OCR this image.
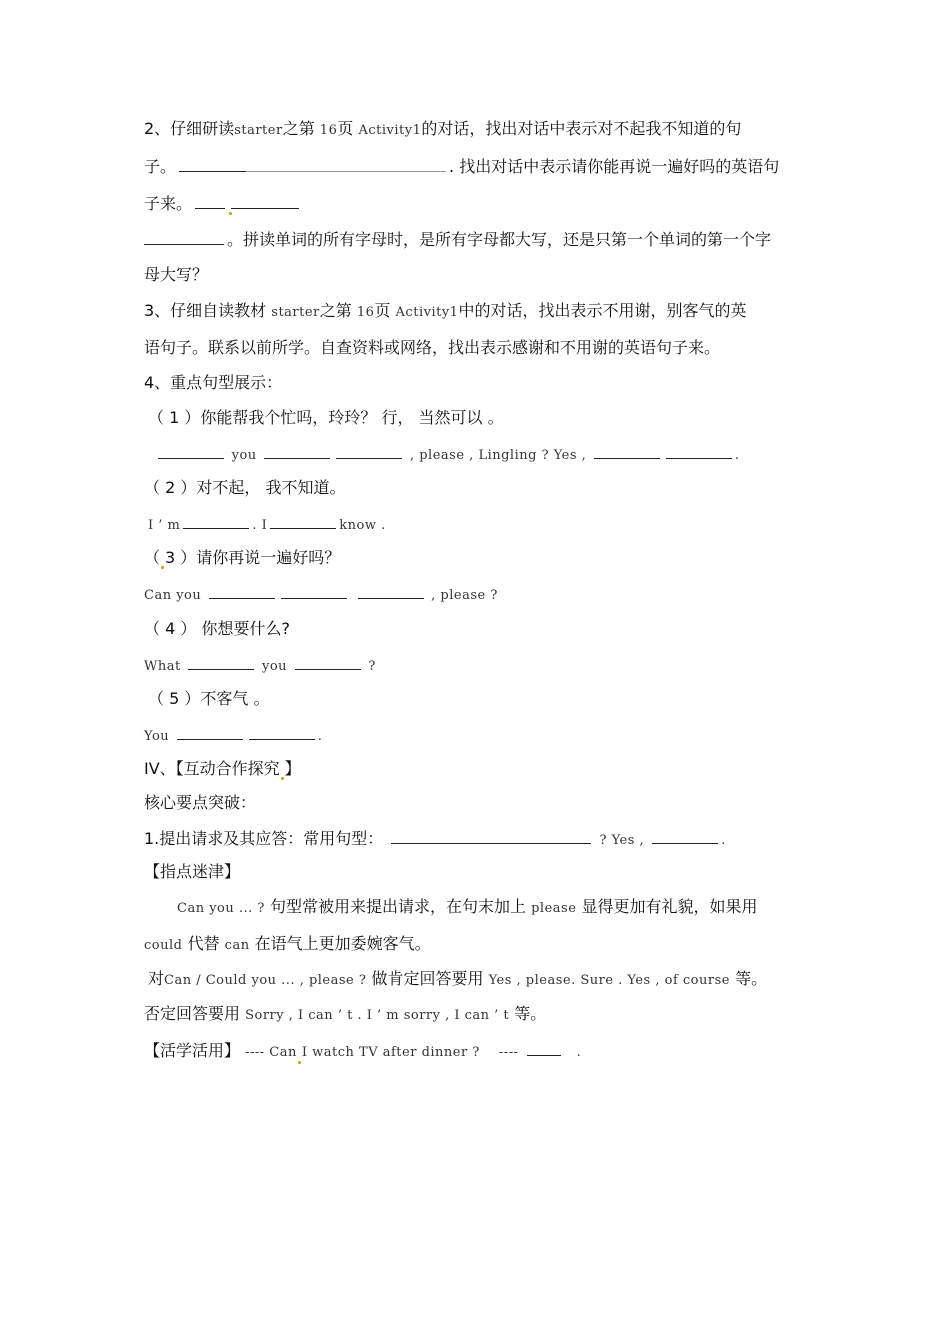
2、仔细研读starter之第 16页 Activity1的对话，找出对话中表示对不起我不知道的句
子。	. 找出对话中表示请你能再说一遍好吗的英语句
子来。
。拼读单词的所有字母时，是所有字母都大写，还是只第一个单词的第一个字
母大写？
3、仔细自读教材 starter之第 16页 Activity1中的对话，找出表示不用谢，别客气的英
语句子。联系以前所学。自查资料或网络，找出表示感谢和不用谢的英语句子来。
4、重点句型展示：
（ 1 ）你能帮我个忙吗，玲玲？ 行， 当然可以 。
you	, please , Lingling ? Yes ,	.
（ 2 ）对不起， 我不知道。
I ’ m	. I	know .
（ 3 ）请你再说一遍好吗？
Can you	, please ?
（ 4 ） 你想要什么?
What	you	?
（ 5 ）不客气 。
You	.
IV、【互动合作探究 】
核心要点突破：
1.提出请求及其应答：常用句型：	? Yes ,	.
【指点迷津】
Can you ... ? 句型常被用来提出请求，在句末加上 please 显得更加有礼貌，如果用
could 代替 can 在语气上更加委婉客气。
对Can / Could you ... , please ? 做肯定回答要用 Yes , please. Sure . Yes , of course 等。
否定回答要用 Sorry , I can ’ t . I ’ m sorry , I can ’ t 等。
【活学活用】 ---- Can I watch TV after dinner ? ----	.
